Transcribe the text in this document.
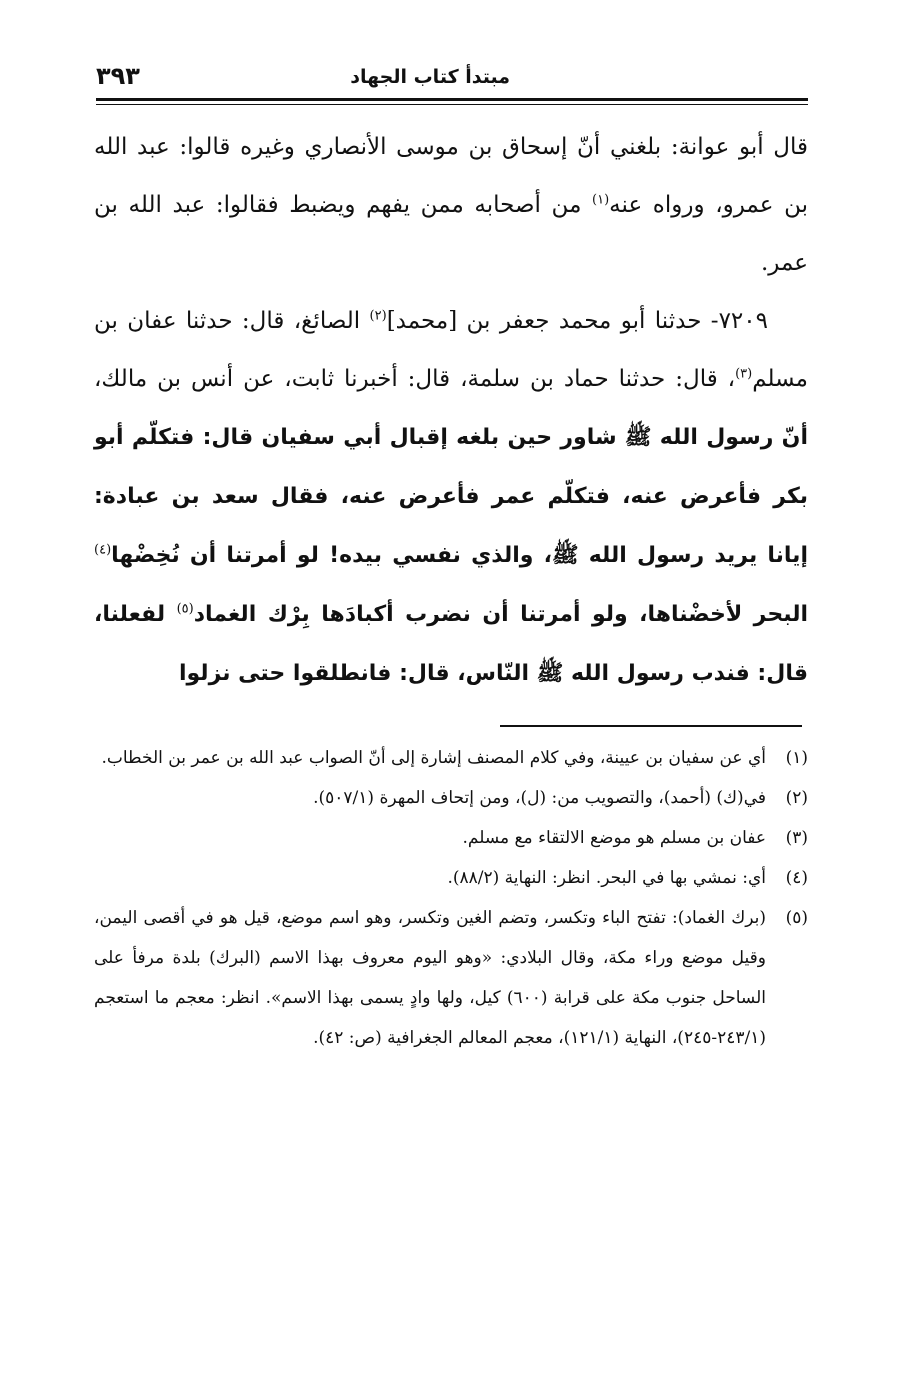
مبتدأ كتاب الجهاد
٣٩٣

قال أبو عوانة: بلغني أنّ إسحاق بن موسى الأنصاري وغيره قالوا: عبد الله بن عمرو، ورواه عنه$^{(١)}$ من أصحابه ممن يفهم ويضبط فقالوا: عبد الله بن عمر.

٧٢٠٩- حدثنا أبو محمد جعفر بن [محمد]$^{(٢)}$ الصائغ، قال: حدثنا عفان بن مسلم$^{(٣)}$، قال: حدثنا حماد بن سلمة، قال: أخبرنا ثابت، عن أنس بن مالك، أنّ رسول الله ﷺ شاور حين بلغه إقبال أبي سفيان قال: فتكلّم أبو بكر فأعرض عنه، فتكلّم عمر فأعرض عنه، فقال سعد بن عبادة: إيانا يريد رسول الله ﷺ، والذي نفسي بيده! لو أمرتنا أن نُخِضْها$^{(٤)}$ البحر لأخضْناها، ولو أمرتنا أن نضرب أكبادَها بِرْك الغماد$^{(٥)}$ لفعلنا، قال: فندب رسول الله ﷺ النّاس، قال: فانطلقوا حتى نزلوا

(١)
أي عن سفيان بن عيينة، وفي كلام المصنف إشارة إلى أنّ الصواب عبد الله بن عمر بن الخطاب.

(٢)
في(ك) (أحمد)، والتصويب من: (ل)، ومن إتحاف المهرة (٥٠٧/١).

(٣)
عفان بن مسلم هو موضع الالتقاء مع مسلم.

(٤)
أي: نمشي بها في البحر. انظر: النهاية (٨٨/٢).

(٥)
(برك الغماد): تفتح الباء وتكسر، وتضم الغين وتكسر، وهو اسم موضع، قيل هو في أقصى اليمن، وقيل موضع وراء مكة، وقال البلادي: «وهو اليوم معروف بهذا الاسم (البرك) بلدة مرفأ على الساحل جنوب مكة على قرابة (٦٠٠) كيل، ولها وادٍ يسمى بهذا الاسم». انظر: معجم ما استعجم (٢٤٣/١-٢٤٥)، النهاية (١٢١/١)، معجم المعالم الجغرافية (ص: ٤٢).
